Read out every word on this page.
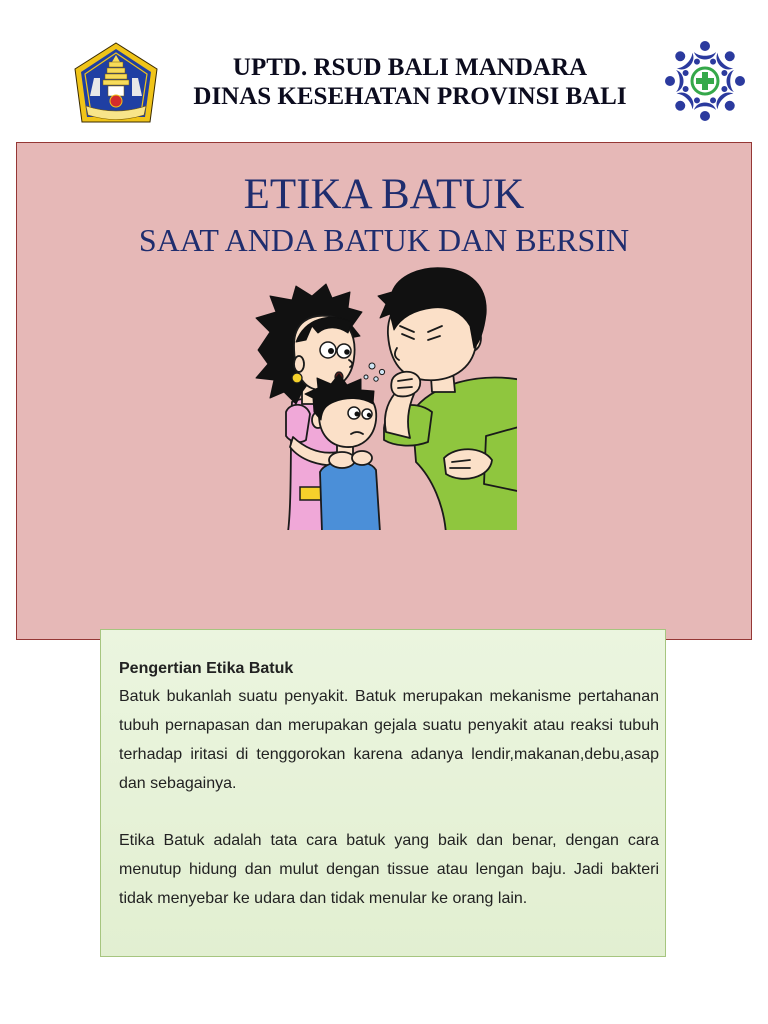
UPTD. RSUD BALI MANDARA
DINAS KESEHATAN PROVINSI BALI
ETIKA BATUK
SAAT ANDA BATUK DAN BERSIN
Pengertian Etika Batuk
Batuk bukanlah suatu penyakit. Batuk merupakan mekanisme pertahanan
tubuh pernapasan dan merupakan gejala suatu penyakit atau reaksi tubuh
terhadap iritasi di tenggorokan karena adanya lendir,makanan,debu,asap
dan sebagainya.
Etika Batuk adalah tata cara batuk yang baik dan benar, dengan cara
menutup hidung dan mulut dengan tissue atau lengan baju. Jadi bakteri
tidak menyebar ke udara dan tidak menular ke orang lain.
